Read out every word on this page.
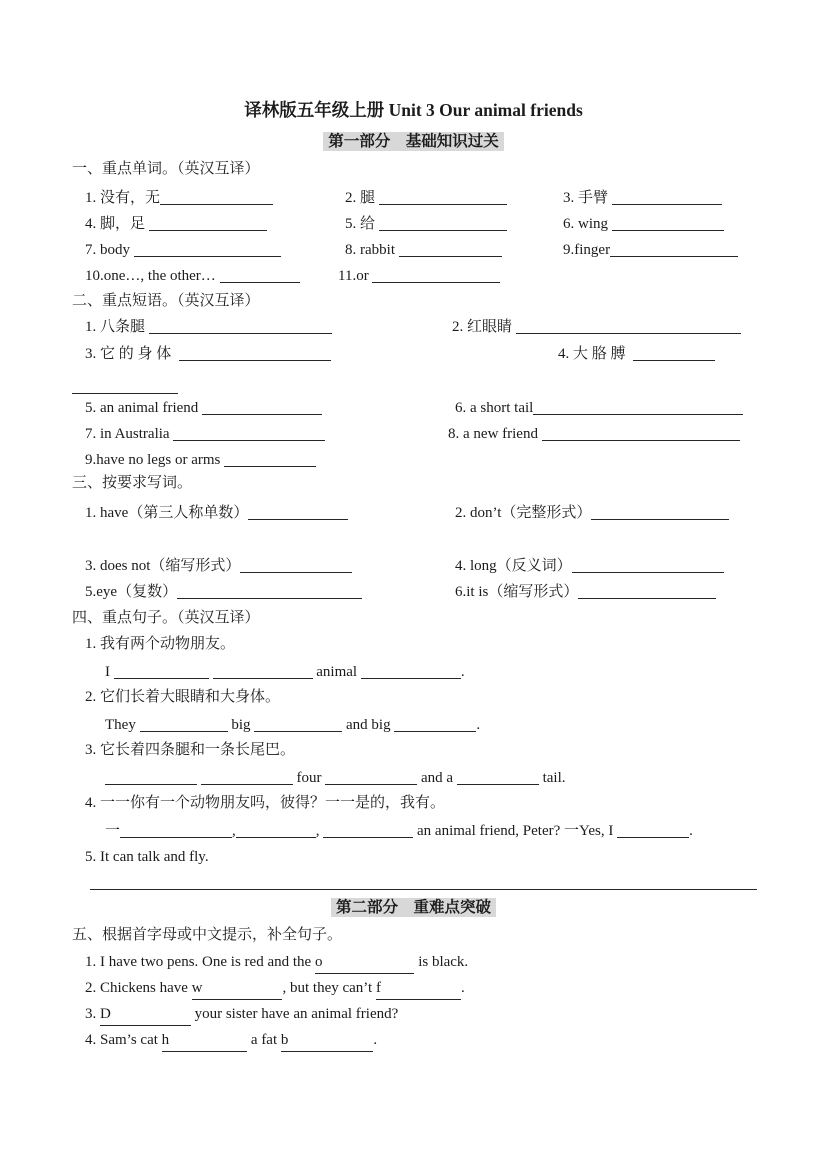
译林版五年级上册 Unit 3 Our animal friends
第一部分　基础知识过关
一、重点单词。（英汉互译）
1. 没有，无	2. 腿	3. 手臂
4. 脚，足	5. 给	6. wing
7. body	8. rabbit	9.finger
10.one…, the other…	11.or
二、重点短语。（英汉互译）
1. 八条腿	2. 红眼睛
3. 它 的 身 体	4. 大 胳 膊
5. an animal friend	6. a short tail
7. in Australia	8. a new friend
9.have no legs or arms
三、按要求写词。
1. have（第三人称单数）	2. don’t（完整形式）
3. does not（缩写形式）	4. long（反义词）
5.eye（复数）	6.it is（缩写形式）
四、重点句子。（英汉互译）
1. 我有两个动物朋友。
I	animal	.
2. 它们长着大眼睛和大身体。
They	big	and big	.
3. 它长着四条腿和一条长尾巴。
four	and a	tail.
4. 一一你有一个动物朋友吗，彼得？一一是的，我有。
一	,	,	an animal friend, Peter? 一Yes, I	.
5. It can talk and fly.
第二部分　重难点突破
五、根据首字母或中文提示，补全句子。
1. I have two pens. One is red and the o	is black.
2. Chickens have w	, but they can’t f	.
3. D	your sister have an animal friend?
4. Sam’s cat h	a fat b	.
